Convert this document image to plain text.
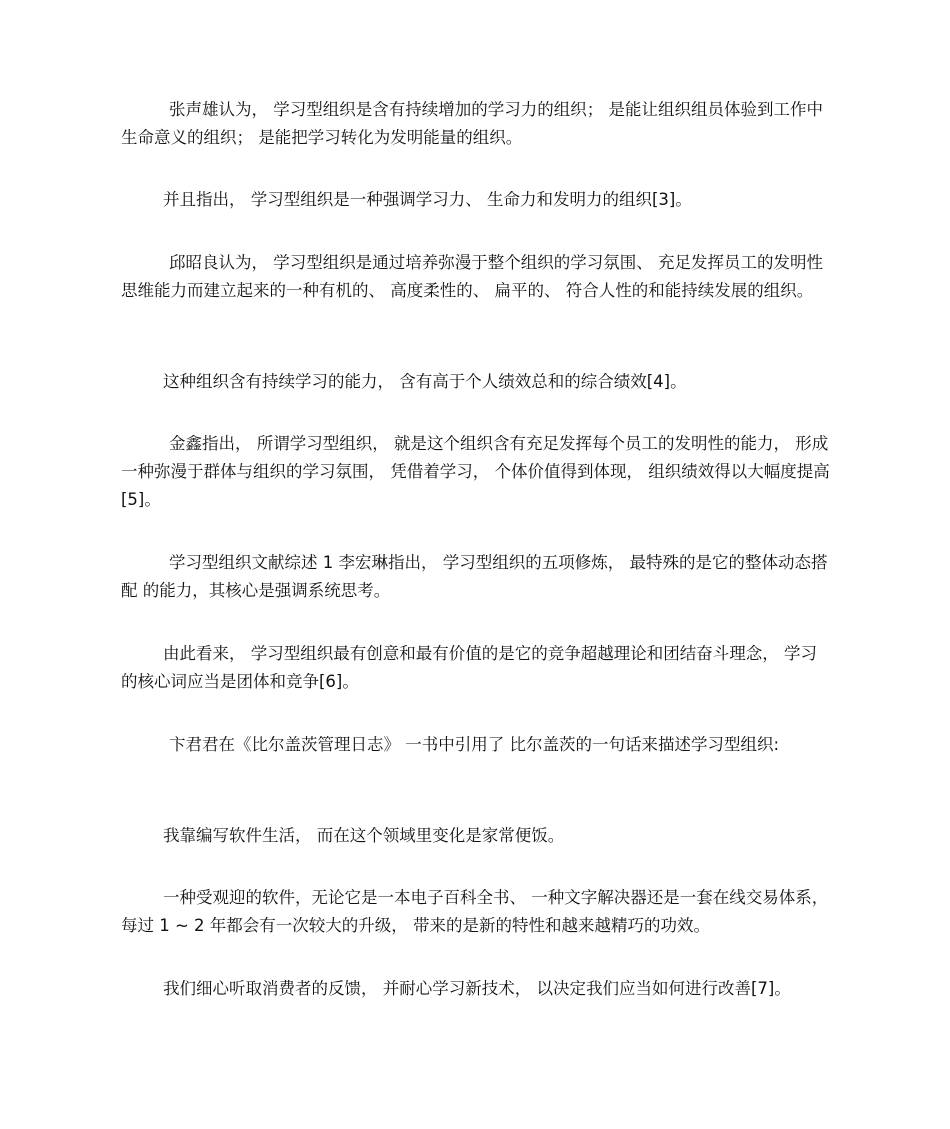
张声雄认为， 学习型组织是含有持续增加的学习力的组织； 是能让组织组员体验到工作中生命意义的组织； 是能把学习转化为发明能量的组织。

并且指出， 学习型组织是一种强调学习力、 生命力和发明力的组织[3]。

邱昭良认为， 学习型组织是通过培养弥漫于整个组织的学习氛围、 充足发挥员工的发明性思维能力而建立起来的一种有机的、 高度柔性的、 扁平的、 符合人性的和能持续发展的组织。

这种组织含有持续学习的能力， 含有高于个人绩效总和的综合绩效[4]。

金鑫指出， 所谓学习型组织， 就是这个组织含有充足发挥每个员工的发明性的能力， 形成一种弥漫于群体与组织的学习氛围， 凭借着学习， 个体价值得到体现， 组织绩效得以大幅度提高[5]。

学习型组织文献综述 1 李宏琳指出， 学习型组织的五项修炼， 最特殊的是它的整体动态搭配 的能力，其核心是强调系统思考。

由此看来， 学习型组织最有创意和最有价值的是它的竞争超越理论和团结奋斗理念， 学习的核心词应当是团体和竞争[6]。

卞君君在《比尔盖茨管理日志》 一书中引用了 比尔盖茨的一句话来描述学习型组织:

我靠编写软件生活， 而在这个领域里变化是家常便饭。

一种受观迎的软件，无论它是一本电子百科全书、 一种文字解决器还是一套在线交易体系， 每过 1 ~ 2 年都会有一次较大的升级， 带来的是新的特性和越来越精巧的功效。

我们细心听取消费者的反馈， 并耐心学习新技术， 以决定我们应当如何进行改善[7]。
